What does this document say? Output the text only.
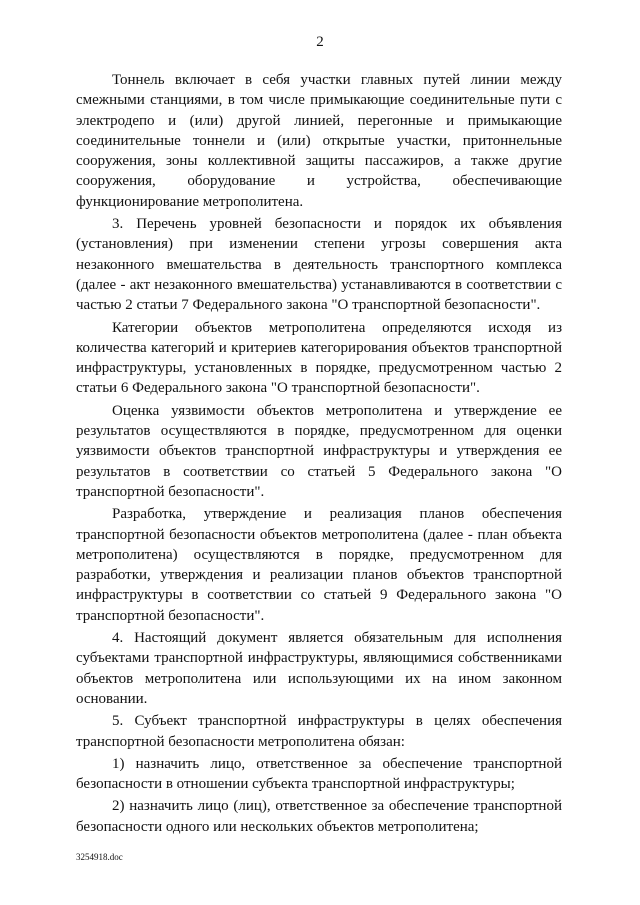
2

Тоннель включает в себя участки главных путей линии между смежными станциями, в том числе примыкающие соединительные пути с электродепо и (или) другой линией, перегонные и примыкающие соединительные тоннели и (или) открытые участки, притоннельные сооружения, зоны коллективной защиты пассажиров, а также другие сооружения, оборудование и устройства, обеспечивающие функционирование метрополитена.

3. Перечень уровней безопасности и порядок их объявления (установления) при изменении степени угрозы совершения акта незаконного вмешательства в деятельность транспортного комплекса (далее - акт незаконного вмешательства) устанавливаются в соответствии с частью 2 статьи 7 Федерального закона "О транспортной безопасности".

Категории объектов метрополитена определяются исходя из количества категорий и критериев категорирования объектов транспортной инфраструктуры, установленных в порядке, предусмотренном частью 2 статьи 6 Федерального закона "О транспортной безопасности".

Оценка уязвимости объектов метрополитена и утверждение ее результатов осуществляются в порядке, предусмотренном для оценки уязвимости объектов транспортной инфраструктуры и утверждения ее результатов в соответствии со статьей 5 Федерального закона "О транспортной безопасности".

Разработка, утверждение и реализация планов обеспечения транспортной безопасности объектов метрополитена (далее - план объекта метрополитена) осуществляются в порядке, предусмотренном для разработки, утверждения и реализации планов объектов транспортной инфраструктуры в соответствии со статьей 9 Федерального закона "О транспортной безопасности".

4. Настоящий документ является обязательным для исполнения субъектами транспортной инфраструктуры, являющимися собственниками объектов метрополитена или использующими их на ином законном основании.

5. Субъект транспортной инфраструктуры в целях обеспечения транспортной безопасности метрополитена обязан:

1) назначить лицо, ответственное за обеспечение транспортной безопасности в отношении субъекта транспортной инфраструктуры;

2) назначить лицо (лиц), ответственное за обеспечение транспортной безопасности одного или нескольких объектов метрополитена;

3254918.doc
